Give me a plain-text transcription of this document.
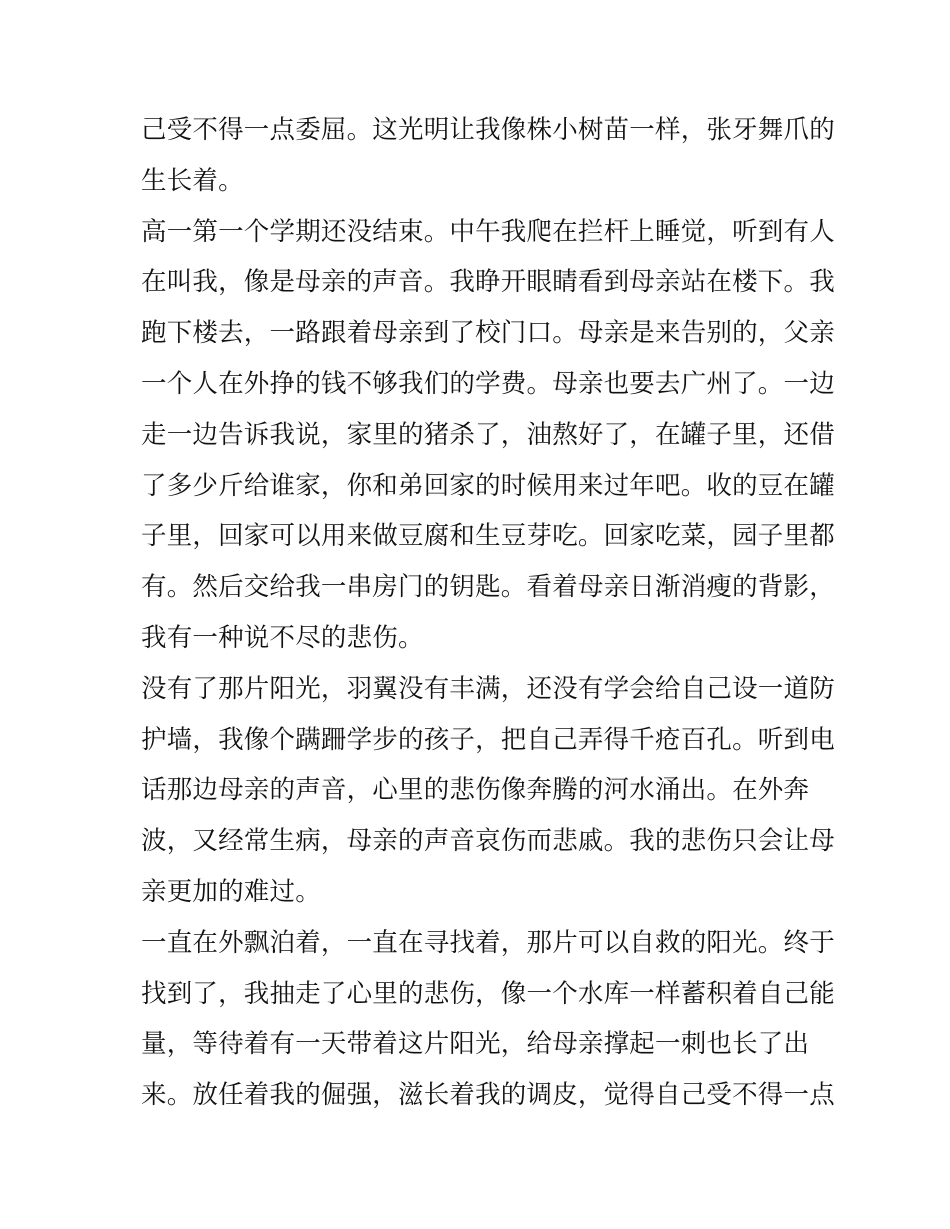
己受不得一点委屈。这光明让我像株小树苗一样，张牙舞爪的
生长着。
高一第一个学期还没结束。中午我爬在拦杆上睡觉，听到有人
在叫我，像是母亲的声音。我睁开眼睛看到母亲站在楼下。我
跑下楼去，一路跟着母亲到了校门口。母亲是来告别的，父亲
一个人在外挣的钱不够我们的学费。母亲也要去广州了。一边
走一边告诉我说，家里的猪杀了，油熬好了，在罐子里，还借
了多少斤给谁家，你和弟回家的时候用来过年吧。收的豆在罐
子里，回家可以用来做豆腐和生豆芽吃。回家吃菜，园子里都
有。然后交给我一串房门的钥匙。看着母亲日渐消瘦的背影，
我有一种说不尽的悲伤。
没有了那片阳光，羽翼没有丰满，还没有学会给自己设一道防
护墙，我像个蹒跚学步的孩子，把自己弄得千疮百孔。听到电
话那边母亲的声音，心里的悲伤像奔腾的河水涌出。在外奔
波，又经常生病，母亲的声音哀伤而悲戚。我的悲伤只会让母
亲更加的难过。
一直在外飘泊着，一直在寻找着，那片可以自救的阳光。终于
找到了，我抽走了心里的悲伤，像一个水库一样蓄积着自己能
量，等待着有一天带着这片阳光，给母亲撑起一刺也长了出
来。放任着我的倔强，滋长着我的调皮，觉得自己受不得一点
